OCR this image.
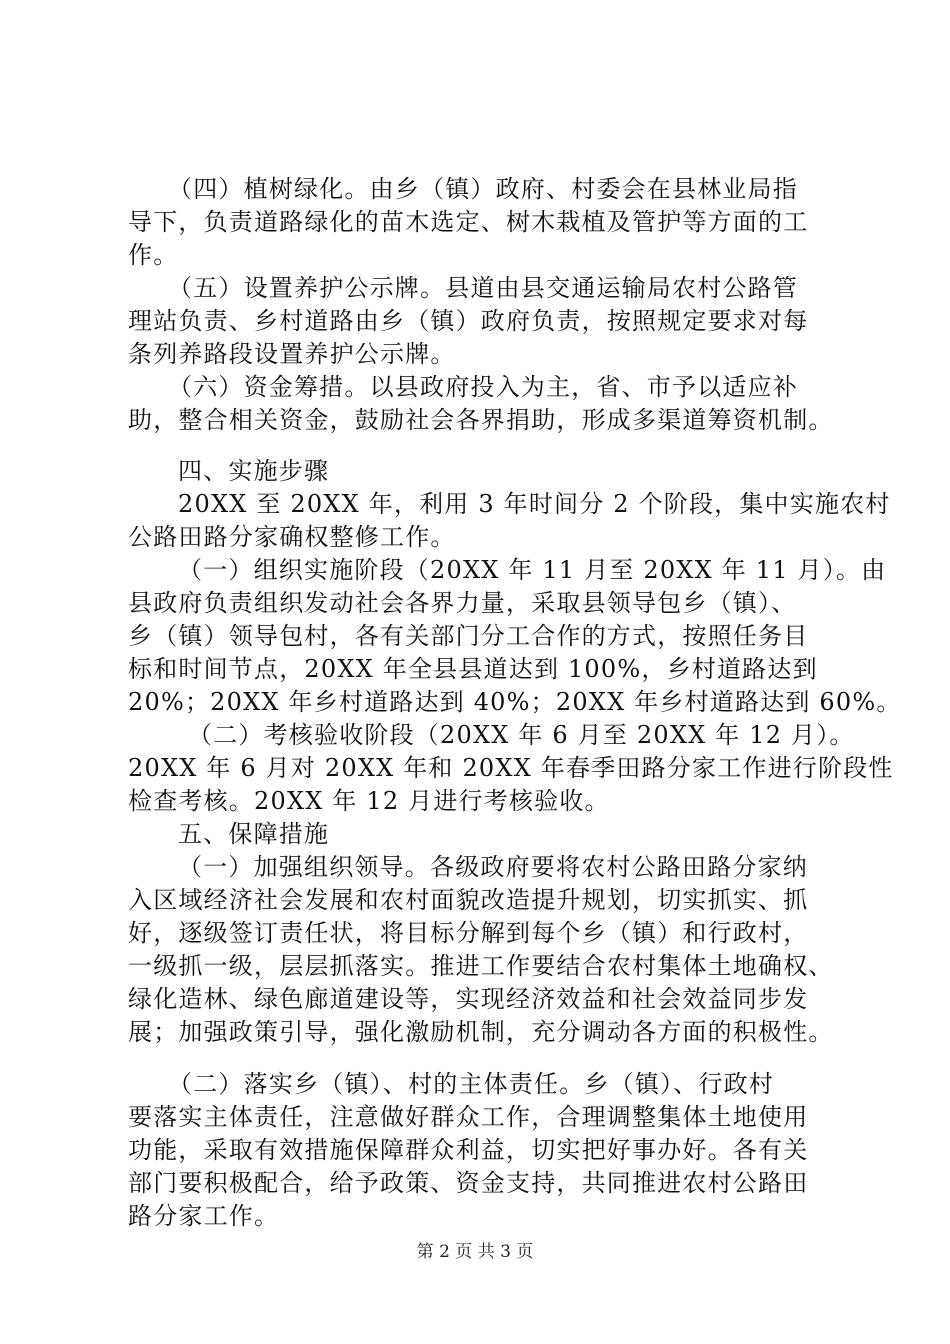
（四）植树绿化。由乡（镇）政府、村委会在县林业局指
导下，负责道路绿化的苗木选定、树木栽植及管护等方面的工
作。
（五）设置养护公示牌。县道由县交通运输局农村公路管
理站负责、乡村道路由乡（镇）政府负责，按照规定要求对每
条列养路段设置养护公示牌。
（六）资金筹措。以县政府投入为主，省、市予以适应补
助，整合相关资金，鼓励社会各界捐助，形成多渠道筹资机制。
四、实施步骤
20XX 至 20XX 年，利用 3 年时间分 2 个阶段，集中实施农村
公路田路分家确权整修工作。
（一）组织实施阶段（20XX 年 11 月至 20XX 年 11 月）。由
县政府负责组织发动社会各界力量，采取县领导包乡（镇）、
乡（镇）领导包村，各有关部门分工合作的方式，按照任务目
标和时间节点，20XX 年全县县道达到 100%，乡村道路达到
20%；20XX 年乡村道路达到 40%；20XX 年乡村道路达到 60%。
（二）考核验收阶段（20XX 年 6 月至 20XX 年 12 月）。
20XX 年 6 月对 20XX 年和 20XX 年春季田路分家工作进行阶段性
检查考核。20XX 年 12 月进行考核验收。
五、保障措施
（一）加强组织领导。各级政府要将农村公路田路分家纳
入区域经济社会发展和农村面貌改造提升规划，切实抓实、抓
好，逐级签订责任状，将目标分解到每个乡（镇）和行政村，
一级抓一级，层层抓落实。推进工作要结合农村集体土地确权、
绿化造林、绿色廊道建设等，实现经济效益和社会效益同步发
展；加强政策引导，强化激励机制，充分调动各方面的积极性。
（二）落实乡（镇）、村的主体责任。乡（镇）、行政村
要落实主体责任，注意做好群众工作，合理调整集体土地使用
功能，采取有效措施保障群众利益，切实把好事办好。各有关
部门要积极配合，给予政策、资金支持，共同推进农村公路田
路分家工作。
第 2 页 共 3 页
